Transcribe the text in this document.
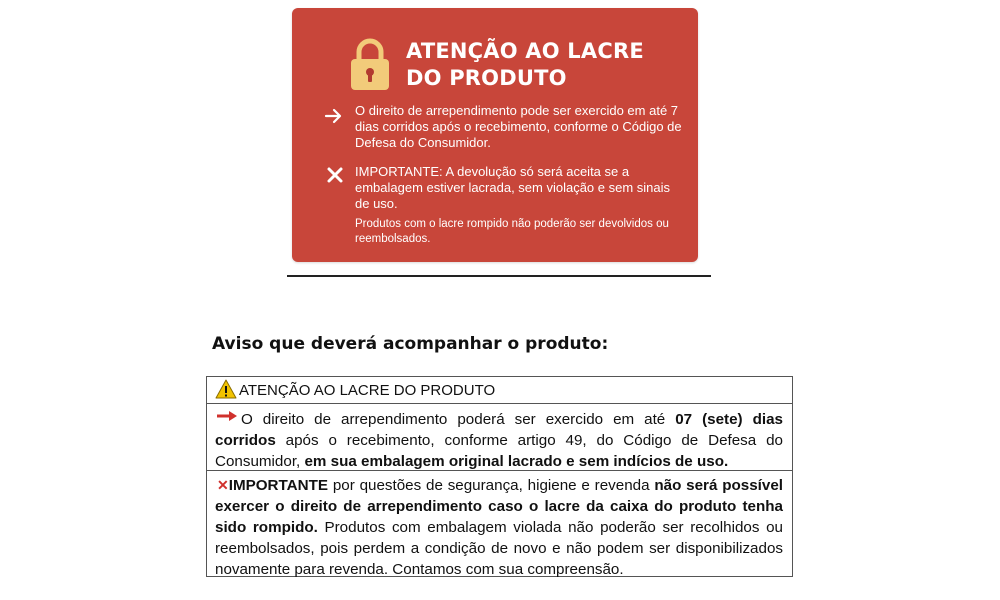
ATENÇÃO AO LACRE
DO PRODUTO
O direito de arrependimento pode ser exercido em até 7 dias corridos após o recebimento, conforme o Código de Defesa do Consumidor.
IMPORTANTE: A devolução só será aceita se a embalagem estiver lacrada, sem violação e sem sinais de uso.
Produtos com o lacre rompido não poderão ser devolvidos ou reembolsados.
Aviso que deverá acompanhar o produto:
ATENÇÃO AO LACRE DO PRODUTO
O direito de arrependimento poderá ser exercido em até 07 (sete) dias corridos após o recebimento, conforme artigo 49, do Código de Defesa do Consumidor, em sua embalagem original lacrado e sem indícios de uso.
✕IMPORTANTE por questões de segurança, higiene e revenda não será possível exercer o direito de arrependimento caso o lacre da caixa do produto tenha sido rompido. Produtos com embalagem violada não poderão ser recolhidos ou reembolsados, pois perdem a condição de novo e não podem ser disponibilizados novamente para revenda. Contamos com sua compreensão.
